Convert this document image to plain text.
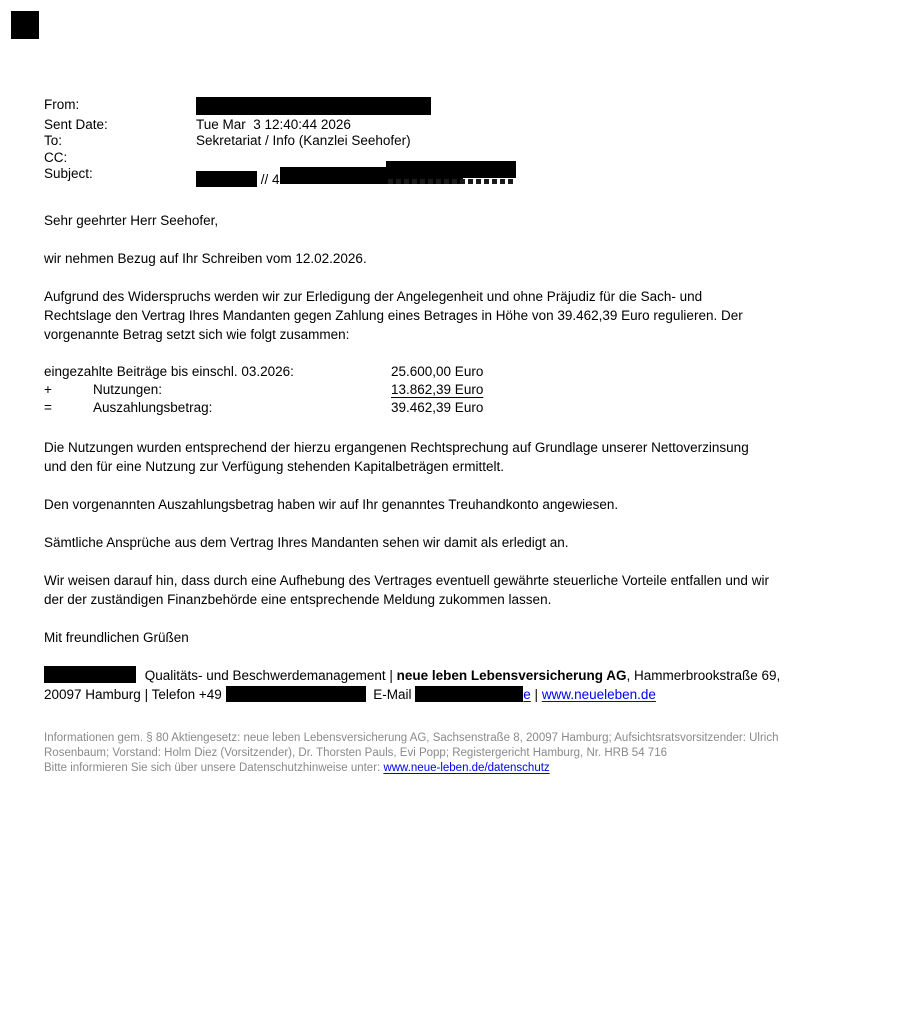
From:
Sent Date:	Tue Mar  3 12:40:44 2026
To:	Sekretariat / Info (Kanzlei Seehofer)
CC:
Subject:	// 4
Sehr geehrter Herr Seehofer,
wir nehmen Bezug auf Ihr Schreiben vom 12.02.2026.
Aufgrund des Widerspruchs werden wir zur Erledigung der Angelegenheit und ohne Präjudiz für die Sach- und
Rechtslage den Vertrag Ihres Mandanten gegen Zahlung eines Betrages in Höhe von 39.462,39 Euro regulieren. Der
vorgenannte Betrag setzt sich wie folgt zusammen:
eingezahlte Beiträge bis einschl. 03.2026:	25.600,00 Euro
+	Nutzungen:	13.862,39 Euro
=	Auszahlungsbetrag:	39.462,39 Euro
Die Nutzungen wurden entsprechend der hierzu ergangenen Rechtsprechung auf Grundlage unserer Nettoverzinsung
und den für eine Nutzung zur Verfügung stehenden Kapitalbeträgen ermittelt.
Den vorgenannten Auszahlungsbetrag haben wir auf Ihr genanntes Treuhandkonto angewiesen.
Sämtliche Ansprüche aus dem Vertrag Ihres Mandanten sehen wir damit als erledigt an.
Wir weisen darauf hin, dass durch eine Aufhebung des Vertrages eventuell gewährte steuerliche Vorteile entfallen und wir
der der zuständigen Finanzbehörde eine entsprechende Meldung zukommen lassen.
Mit freundlichen Grüßen
Qualitäts- und Beschwerdemanagement | neue leben Lebensversicherung AG, Hammerbrookstraße 69,
20097 Hamburg | Telefon +49	E-Mail	e | www.neueleben.de
Informationen gem. § 80 Aktiengesetz: neue leben Lebensversicherung AG, Sachsenstraße 8, 20097 Hamburg; Aufsichtsratsvorsitzender: Ulrich
Rosenbaum; Vorstand: Holm Diez (Vorsitzender), Dr. Thorsten Pauls, Evi Popp; Registergericht Hamburg, Nr. HRB 54 716
Bitte informieren Sie sich über unsere Datenschutzhinweise unter: www.neue-leben.de/datenschutz
